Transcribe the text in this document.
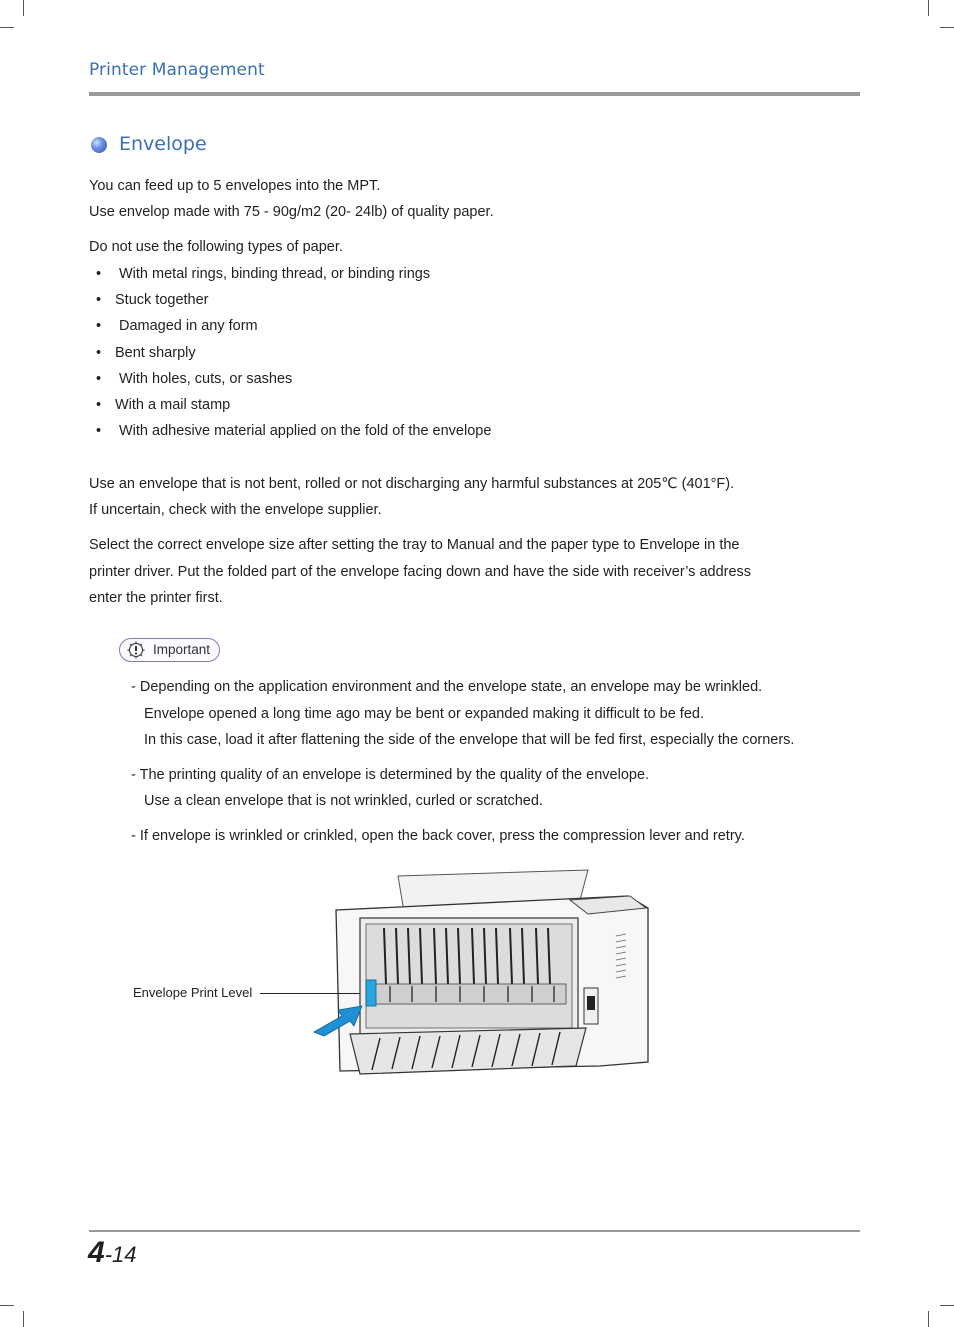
Printer Management
Envelope
You can feed up to 5 envelopes into the MPT.
Use envelop made with 75 - 90g/m2 (20- 24lb) of quality paper.
Do not use the following types of paper.
• With metal rings, binding thread, or binding rings
• Stuck together
• Damaged in any form
• Bent sharply
• With holes, cuts, or sashes
• With a mail stamp
• With adhesive material applied on the fold of the envelope
Use an envelope that is not bent, rolled or not discharging any harmful substances at 205℃ (401°F).
If uncertain, check with the envelope supplier.
Select the correct envelope size after setting the tray to Manual and the paper type to Envelope in the
printer driver. Put the folded part of the envelope facing down and have the side with receiver’s address
enter the printer first.
Important
- Depending on the application environment and the envelope state, an envelope may be wrinkled.
Envelope opened a long time ago may be bent or expanded making it difficult to be fed.
In this case, load it after flattening the side of the envelope that will be fed first, especially the corners.
- The printing quality of an envelope is determined by the quality of the envelope.
Use a clean envelope that is not wrinkled, curled or scratched.
- If envelope is wrinkled or crinkled, open the back cover, press the compression lever and retry.
Envelope Print Level
4-14
